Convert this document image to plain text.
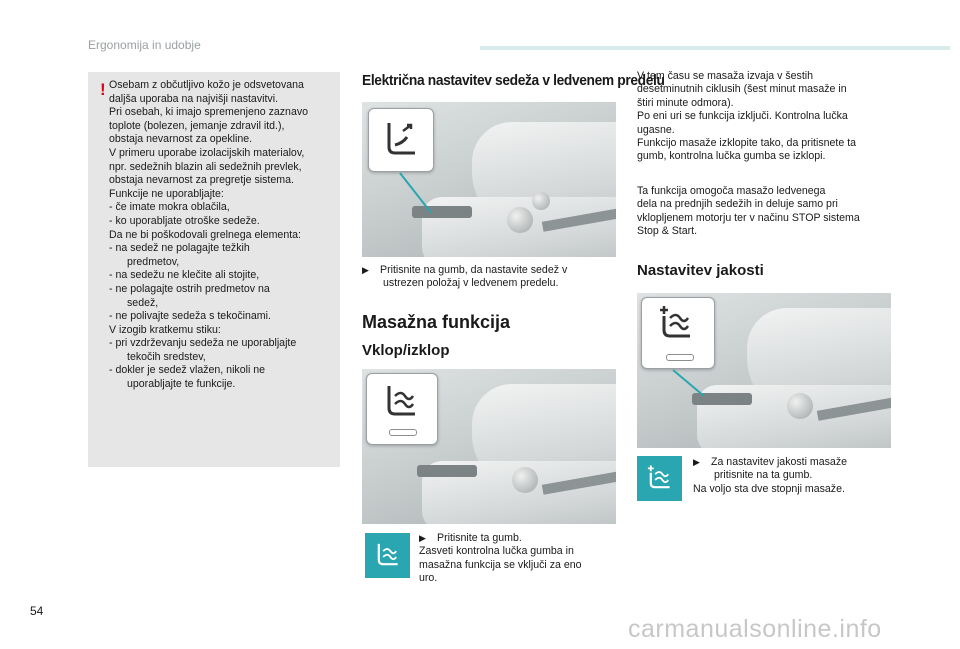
Ergonomija in udobje
! Osebam z občutljivo kožo je odsvetovana
daljša uporaba na najvišji nastavitvi.
Pri osebah, ki imajo spremenjeno zaznavo
toplote (bolezen, jemanje zdravil itd.),
obstaja nevarnost za opekline.
V primeru uporabe izolacijskih materialov,
npr. sedežnih blazin ali sedežnih prevlek,
obstaja nevarnost za pregretje sistema.
Funkcije ne uporabljajte:
- če imate mokra oblačila,
- ko uporabljate otroške sedeže.
Da ne bi poškodovali grelnega elementa:
- na sedež ne polagajte težkih
predmetov,
- na sedežu ne klečite ali stojite,
- ne polagajte ostrih predmetov na
sedež,
- ne polivajte sedeža s tekočinami.
V izogib kratkemu stiku:
- pri vzdrževanju sedeža ne uporabljajte
tekočih sredstev,
- dokler je sedež vlažen, nikoli ne
uporabljajte te funkcije.
Električna nastavitev sedeža v ledvenem predelu
▶ Pritisnite na gumb, da nastavite sedež v
ustrezen položaj v ledvenem predelu.
Masažna funkcija
Vklop/izklop
▶ Pritisnite ta gumb.
Zasveti kontrolna lučka gumba in
masažna funkcija se vključi za eno
uro.
V tem času se masaža izvaja v šestih
desetminutnih ciklusih (šest minut masaže in
štiri minute odmora).
Po eni uri se funkcija izključi. Kontrolna lučka
ugasne.
Funkcijo masaže izklopite tako, da pritisnete ta
gumb, kontrolna lučka gumba se izklopi.
Ta funkcija omogoča masažo ledvenega
dela na prednjih sedežih in deluje samo pri
vklopljenem motorju ter v načinu STOP sistema
Stop & Start.
Nastavitev jakosti
▶ Za nastavitev jakosti masaže
pritisnite na ta gumb.
Na voljo sta dve stopnji masaže.
54
carmanualsonline.info
